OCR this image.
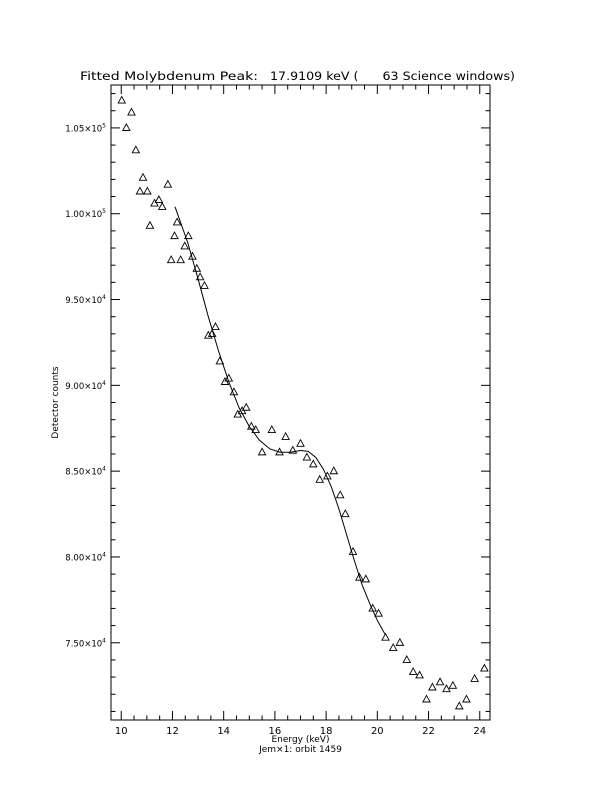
Fitted Molybdenum Peak: 17.9109 keV (      63 Science windows)
10	12	14	16	18	20	22	24
$7.50\times 10^4$
$8.00\times 10^4$
$8.50\times 10^4$
$9.00\times 10^4$
$9.50\times 10^4$
$1.00\times 10^5$
$1.05\times 10^5$
Energy (keV)
Jem×1: orbit 1459
Detector counts
